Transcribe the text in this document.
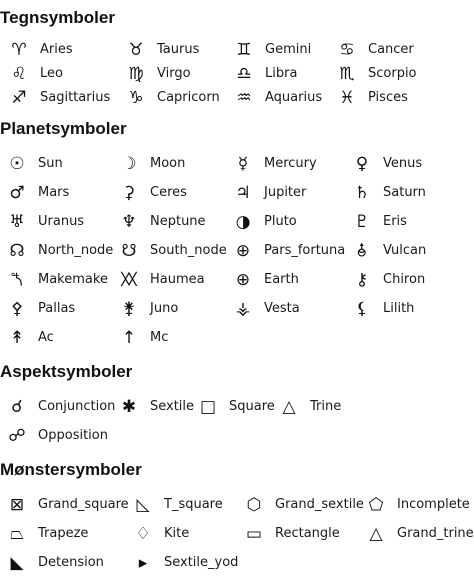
Tegnsymboler
♈︎ Aries	♉︎ Taurus ♊︎ Gemini ♋︎ Cancer
♌︎ Leo	♍︎ Virgo	♎︎ Libra ♏︎ Scorpio
♐︎ Sagittarius ♑︎ Capricorn ♒︎ Aquarius ♓︎ Pisces
Planetsymboler
☉ Sun	☽ Moon	☿	Mercury ♀	Venus
♂ Mars	⚳	Ceres	♃ Jupiter	♄ Saturn
♅ Uranus ♆ Neptune ◑ Pluto	♇ Eris
☊ North_node ☋ South_node ⊕ Pars_fortuna ⯗	Vulcan
⯲	Makemake ⯵ Haumea ⊕ Earth	⚷	Chiron
⚴	Pallas	⚵	Juno	⚶ Vesta	⚸	Lilith
↟ Ac	↑ Mc
Aspektsymboler
☌	Conjunction ✱ Sextile □ Square △	Trine
☍ Opposition
Mønstersymboler
⊠ Grand_square ◺	T_square ⬡ Grand_sextile ⬠ Incomplete
⏢	Trapeze	♢ Kite	▭ Rectangle △	Grand_trine
◣	Detension	▸	Sextile_yod
